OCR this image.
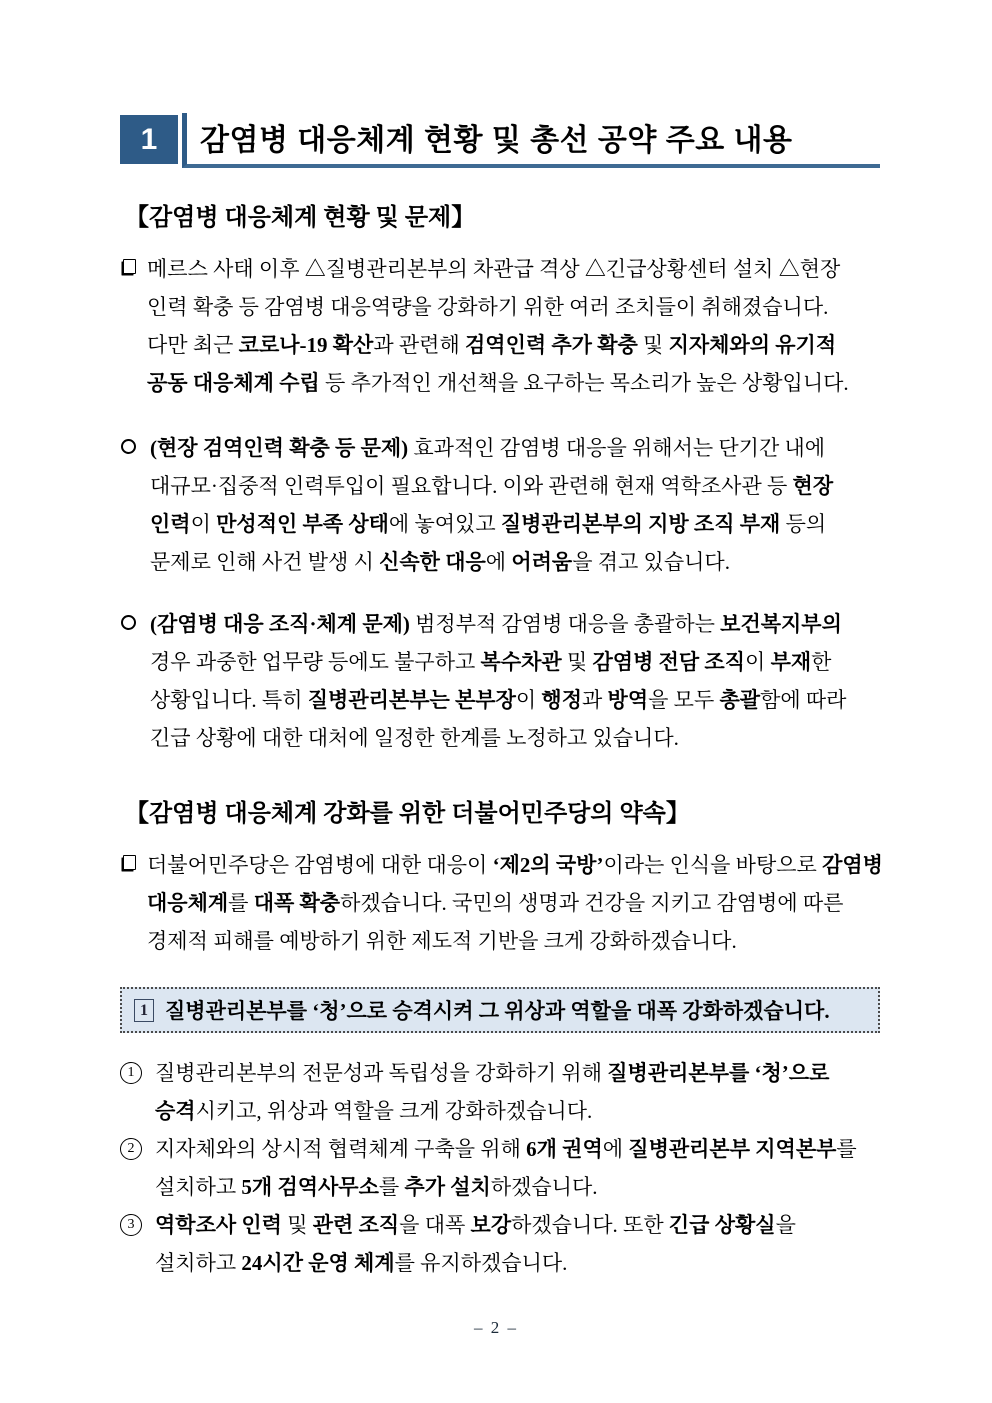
1	감염병 대응체계 현황 및 총선 공약 주요 내용
【감염병 대응체계 현황 및 문제】
메르스 사태 이후 △질병관리본부의 차관급 격상 △긴급상황센터 설치 △현장
인력 확충 등 감염병 대응역량을 강화하기 위한 여러 조치들이 취해졌습니다.
다만 최근 코로나-19 확산과 관련해 검역인력 추가 확충 및 지자체와의 유기적
공동 대응체계 수립 등 추가적인 개선책을 요구하는 목소리가 높은 상황입니다.
(현장 검역인력 확충 등 문제) 효과적인 감염병 대응을 위해서는 단기간 내에
대규모·집중적 인력투입이 필요합니다. 이와 관련해 현재 역학조사관 등 현장
인력이 만성적인 부족 상태에 놓여있고 질병관리본부의 지방 조직 부재 등의
문제로 인해 사건 발생 시 신속한 대응에 어려움을 겪고 있습니다.
(감염병 대응 조직·체계 문제) 범정부적 감염병 대응을 총괄하는 보건복지부의
경우 과중한 업무량 등에도 불구하고 복수차관 및 감염병 전담 조직이 부재한
상황입니다. 특히 질병관리본부는 본부장이 행정과 방역을 모두 총괄함에 따라
긴급 상황에 대한 대처에 일정한 한계를 노정하고 있습니다.
【감염병 대응체계 강화를 위한 더불어민주당의 약속】
더불어민주당은 감염병에 대한 대응이 ‘제2의 국방’이라는 인식을 바탕으로 감염병
대응체계를 대폭 확충하겠습니다. 국민의 생명과 건강을 지키고 감염병에 따른
경제적 피해를 예방하기 위한 제도적 기반을 크게 강화하겠습니다.
1 질병관리본부를 ‘청’으로 승격시켜 그 위상과 역할을 대폭 강화하겠습니다.
1 질병관리본부의 전문성과 독립성을 강화하기 위해 질병관리본부를 ‘청’으로
승격시키고, 위상과 역할을 크게 강화하겠습니다.
2 지자체와의 상시적 협력체계 구축을 위해 6개 권역에 질병관리본부 지역본부를
설치하고 5개 검역사무소를 추가 설치하겠습니다.
3 역학조사 인력 및 관련 조직을 대폭 보강하겠습니다. 또한 긴급 상황실을
설치하고 24시간 운영 체계를 유지하겠습니다.
– 2 –
